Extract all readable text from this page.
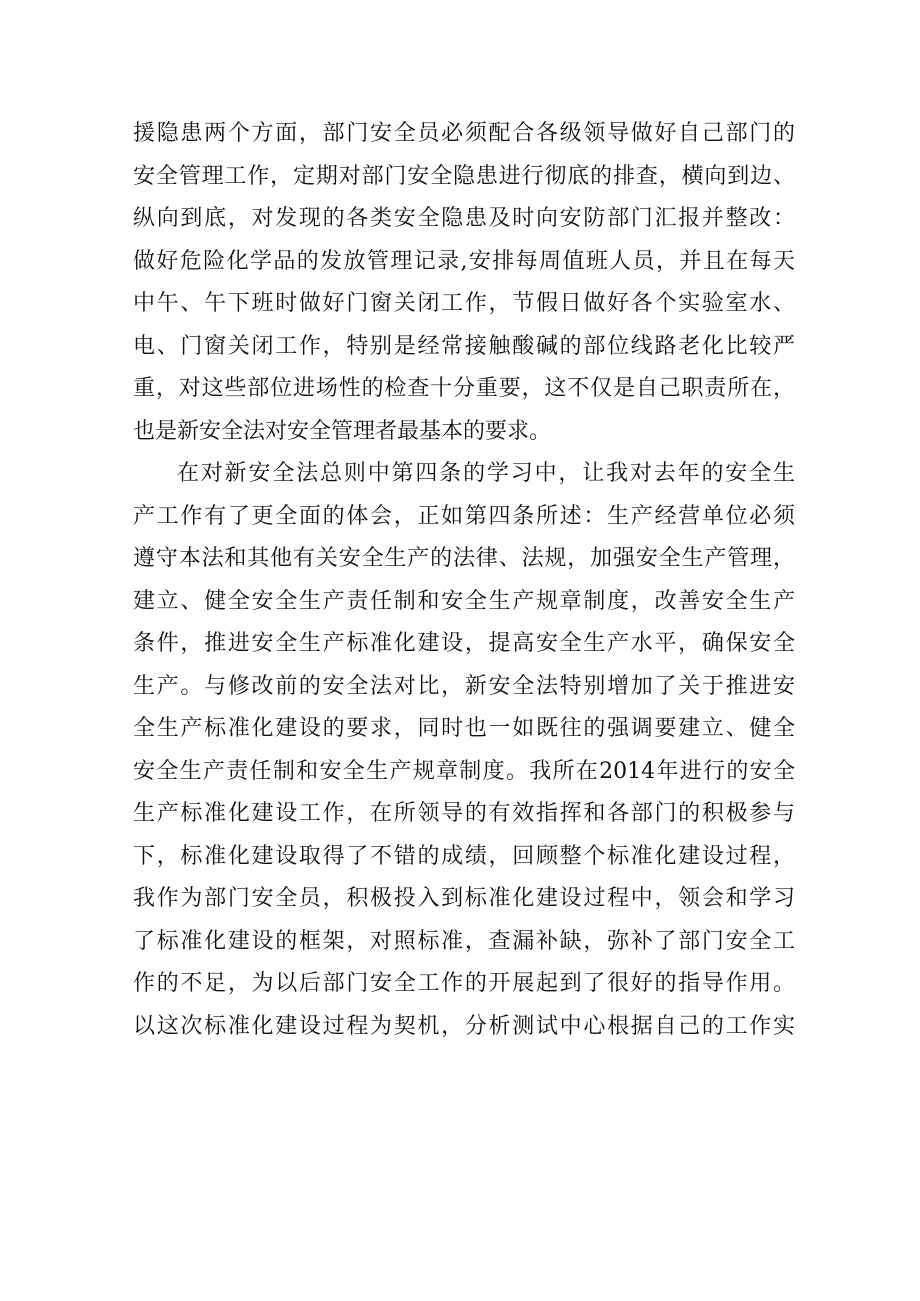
援隐患两个方面，部门安全员必须配合各级领导做好自己部门的
安全管理工作，定期对部门安全隐患进行彻底的排查，横向到边、
纵向到底，对发现的各类安全隐患及时向安防部门汇报并整改：
做好危险化学品的发放管理记录,安排每周值班人员，并且在每天
中午、午下班时做好门窗关闭工作，节假日做好各个实验室水、
电、门窗关闭工作，特别是经常接触酸碱的部位线路老化比较严
重，对这些部位进场性的检查十分重要，这不仅是自己职责所在，
也是新安全法对安全管理者最基本的要求。
在对新安全法总则中第四条的学习中，让我对去年的安全生
产工作有了更全面的体会，正如第四条所述：生产经营单位必须
遵守本法和其他有关安全生产的法律、法规，加强安全生产管理，
建立、健全安全生产责任制和安全生产规章制度，改善安全生产
条件，推进安全生产标准化建设，提高安全生产水平，确保安全
生产。与修改前的安全法对比，新安全法特别增加了关于推进安
全生产标准化建设的要求，同时也一如既往的强调要建立、健全
安全生产责任制和安全生产规章制度。我所在2014年进行的安全
生产标准化建设工作，在所领导的有效指挥和各部门的积极参与
下，标准化建设取得了不错的成绩，回顾整个标准化建设过程，
我作为部门安全员，积极投入到标准化建设过程中，领会和学习
了标准化建设的框架，对照标准，查漏补缺，弥补了部门安全工
作的不足，为以后部门安全工作的开展起到了很好的指导作用。
以这次标准化建设过程为契机，分析测试中心根据自己的工作实
